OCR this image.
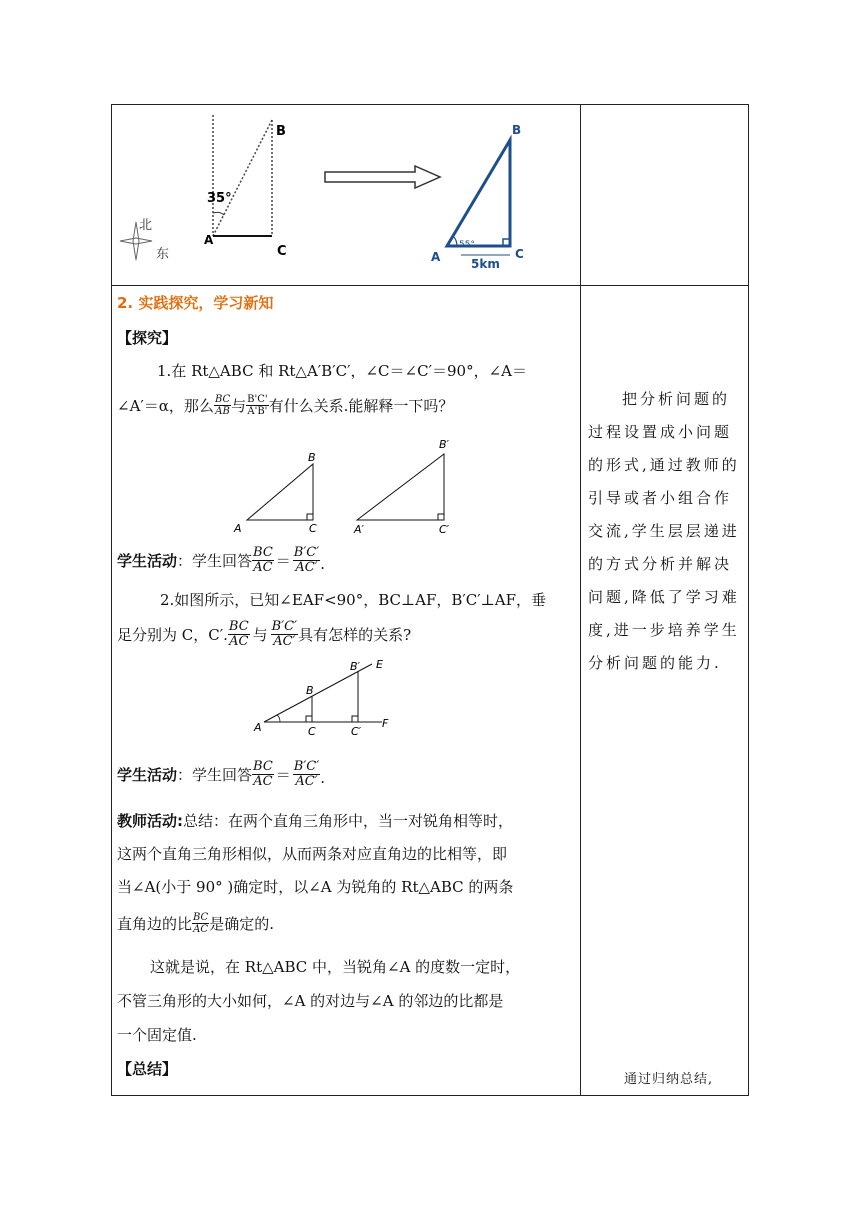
35°
B
A
C
北
东
B
A	C
55°
5km
2. 实践探究，学习新知
【探究】
1.在 Rt△ABC 和 Rt△A′B′C′，∠C＝∠C′＝90°，∠A＝
∠A′＝α，那么 $\frac{BC}{AB}$ 与 $\frac{B'C'}{A'B'}$ 有什么关系.能解释一下吗？
A
B
C	A′
B′
C′
学生活动 ：学生回答 $\frac{BC}{AC} = \frac{B'C'}{AC'}$ .
2.如图所示，已知∠EAF<90°，BC⊥AF，B′C′⊥AF，垂
足分别为 C，C′. $\frac{BC}{AC}$ 与 $\frac{B'C'}{AC'}$ 具有怎样的关系?
A
B
C
B′
C′
E
F
学生活动 ：学生回答 $\frac{BC}{AC} = \frac{B'C'}{AC'}$ .
教师活动:总结：在两个直角三角形中，当一对锐角相等时，
这两个直角三角形相似，从而两条对应直角边的比相等，即
当∠A(小于 90° )确定时，以∠A 为锐角的 Rt△ABC 的两条
直角边的比 $\frac{BC}{AC}$ 是确定的.
这就是说，在 Rt△ABC 中，当锐角∠A 的度数一定时，
不管三角形的大小如何，∠A 的对边与∠A 的邻边的比都是
一个固定值.
【总结】
把分析问题的
过程设置成小问题
的形式,通过教师的
引导或者小组合作
交流,学生层层递进
的方式分析并解决
问题,降低了学习难
度,进一步培养学生
分析问题的能力.
通过归纳总结,
